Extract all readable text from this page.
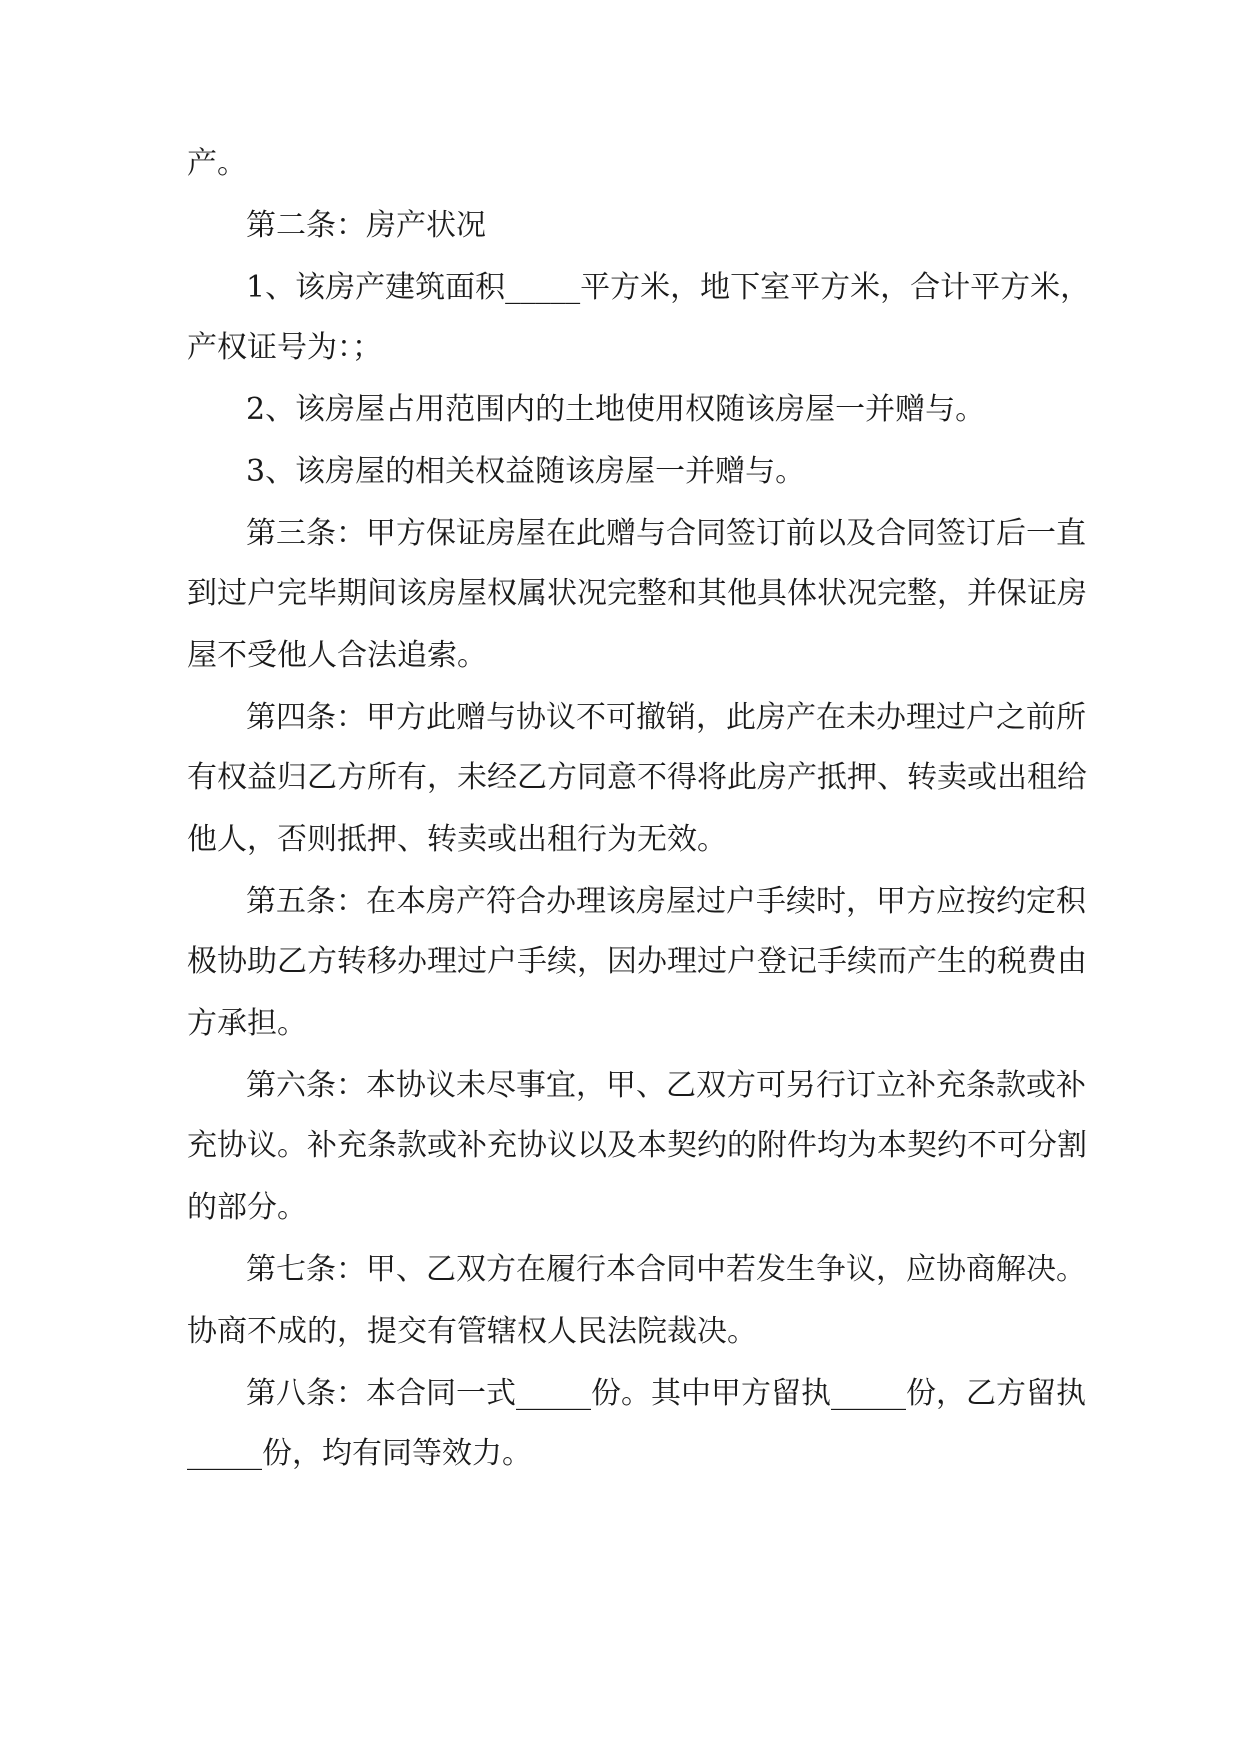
产。
第二条：房产状况
1、该房产建筑面积_____平方米，地下室平方米，合计平方米，
产权证号为：；
2、该房屋占用范围内的土地使用权随该房屋一并赠与。
3、该房屋的相关权益随该房屋一并赠与。
第三条：甲方保证房屋在此赠与合同签订前以及合同签订后一直
到过户完毕期间该房屋权属状况完整和其他具体状况完整，并保证房
屋不受他人合法追索。
第四条：甲方此赠与协议不可撤销，此房产在未办理过户之前所
有权益归乙方所有，未经乙方同意不得将此房产抵押、转卖或出租给
他人，否则抵押、转卖或出租行为无效。
第五条：在本房产符合办理该房屋过户手续时，甲方应按约定积
极协助乙方转移办理过户手续，因办理过户登记手续而产生的税费由
方承担。
第六条：本协议未尽事宜，甲、乙双方可另行订立补充条款或补
充协议。补充条款或补充协议以及本契约的附件均为本契约不可分割
的部分。
第七条：甲、乙双方在履行本合同中若发生争议，应协商解决。
协商不成的，提交有管辖权人民法院裁决。
第八条：本合同一式_____份。其中甲方留执_____份，乙方留执
_____份，均有同等效力。
